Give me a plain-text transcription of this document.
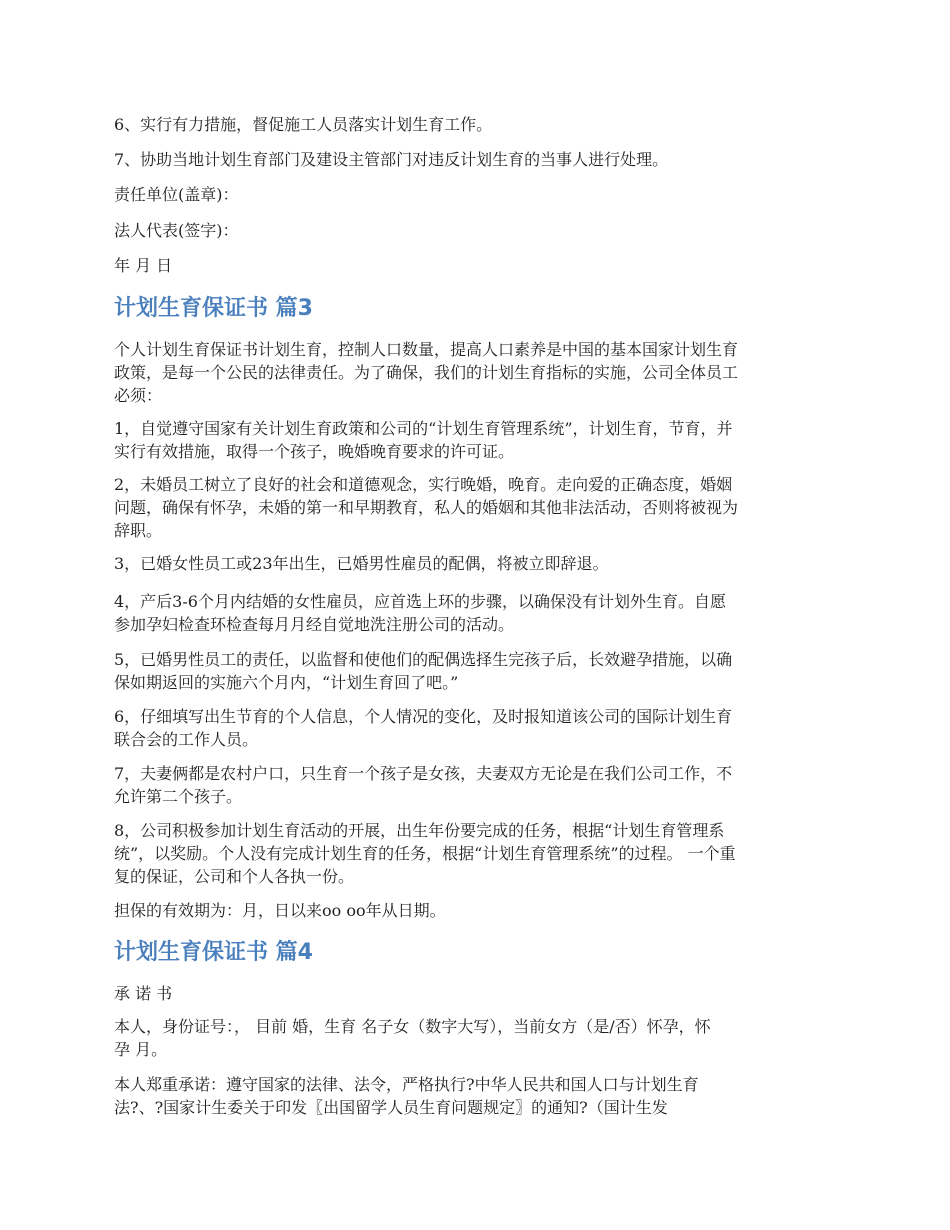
6、实行有力措施，督促施工人员落实计划生育工作。

7、协助当地计划生育部门及建设主管部门对违反计划生育的当事人进行处理。

责任单位(盖章)：

法人代表(签字)：

年 月 日

计划生育保证书 篇3

个人计划生育保证书计划生育，控制人口数量，提高人口素养是中国的基本国家计划生育
政策，是每一个公民的法律责任。为了确保，我们的计划生育指标的实施，公司全体员工
必须：

1，自觉遵守国家有关计划生育政策和公司的“计划生育管理系统”，计划生育，节育，并
实行有效措施，取得一个孩子，晚婚晚育要求的许可证。

2，未婚员工树立了良好的社会和道德观念，实行晚婚，晚育。走向爱的正确态度，婚姻
问题，确保有怀孕，未婚的第一和早期教育，私人的婚姻和其他非法活动，否则将被视为
辞职。

3，已婚女性员工或23年出生，已婚男性雇员的配偶，将被立即辞退。

4，产后3-6个月内结婚的女性雇员，应首选上环的步骤，以确保没有计划外生育。自愿
参加孕妇检查环检查每月月经自觉地洗注册公司的活动。

5，已婚男性员工的责任，以监督和使他们的配偶选择生完孩子后，长效避孕措施，以确
保如期返回的实施六个月内，“计划生育回了吧。”

6，仔细填写出生节育的个人信息，个人情况的变化，及时报知道该公司的国际计划生育
联合会的工作人员。

7，夫妻俩都是农村户口，只生育一个孩子是女孩，夫妻双方无论是在我们公司工作，不
允许第二个孩子。

8，公司积极参加计划生育活动的开展，出生年份要完成的任务，根据“计划生育管理系
统”，以奖励。个人没有完成计划生育的任务，根据“计划生育管理系统”的过程。 一个重
复的保证，公司和个人各执一份。

担保的有效期为：月，日以来oo oo年从日期。

计划生育保证书 篇4

承 诺 书

本人，身份证号：， 目前 婚，生育 名子女（数字大写），当前女方（是/否）怀孕，怀
孕 月。

本人郑重承诺：遵守国家的法律、法令，严格执行?中华人民共和国人口与计划生育
法?、?国家计生委关于印发〖出国留学人员生育问题规定〗的通知?（国计生发
